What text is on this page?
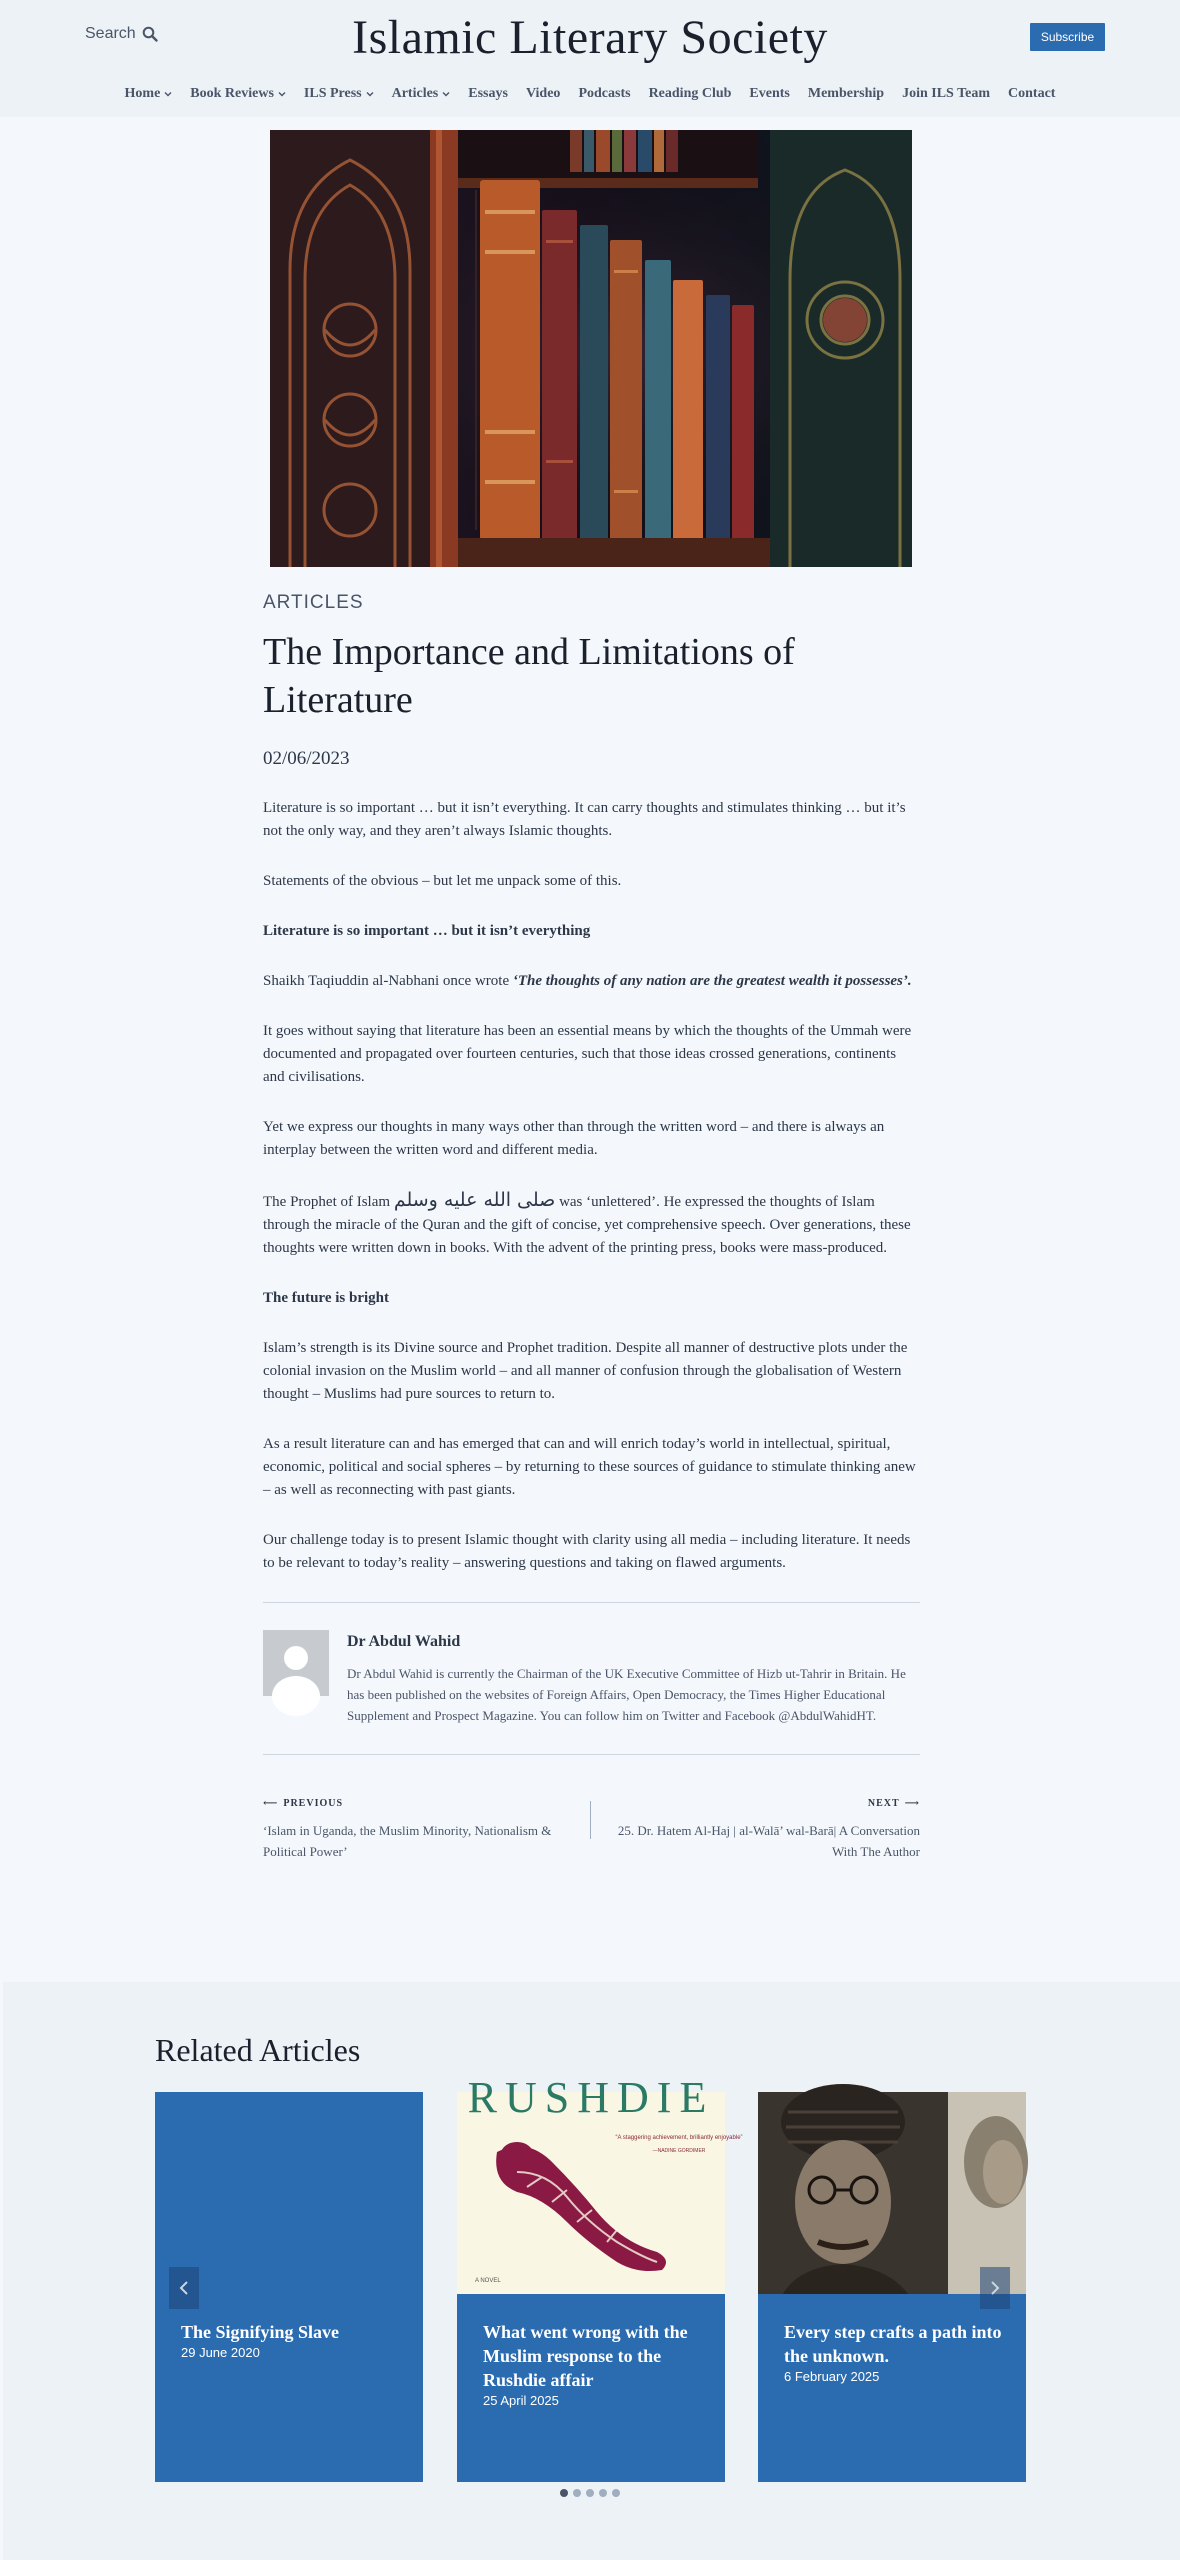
Search	Islamic Literary Society	Subscribe
Home Book Reviews ILS Press Articles Essays Video Podcasts Reading Club Events Membership Join ILS Team Contact
ARTICLES
The Importance and Limitations of Literature
02/06/2023

Literature is so important … but it isn’t everything. It can carry thoughts and stimulates thinking … but it’s not the only way, and they aren’t always Islamic thoughts.

Statements of the obvious – but let me unpack some of this.

Literature is so important … but it isn’t everything

Shaikh Taqiuddin al-Nabhani once wrote ‘The thoughts of any nation are the greatest wealth it possesses’.

It goes without saying that literature has been an essential means by which the thoughts of the Ummah were documented and propagated over fourteen centuries, such that those ideas crossed generations, continents and civilisations.

Yet we express our thoughts in many ways other than through the written word – and there is always an interplay between the written word and different media.

The Prophet of Islam صلى الله عليه وسلم was ‘unlettered’. He expressed the thoughts of Islam through the miracle of the Quran and the gift of concise, yet comprehensive speech. Over generations, these thoughts were written down in books. With the advent of the printing press, books were mass-produced.

The future is bright

Islam’s strength is its Divine source and Prophet tradition. Despite all manner of destructive plots under the colonial invasion on the Muslim world – and all manner of confusion through the globalisation of Western thought – Muslims had pure sources to return to.

As a result literature can and has emerged that can and will enrich today’s world in intellectual, spiritual, economic, political and social spheres – by returning to these sources of guidance to stimulate thinking anew – as well as reconnecting with past giants.

Our challenge today is to present Islamic thought with clarity using all media – including literature. It needs to be relevant to today’s reality – answering questions and taking on flawed arguments.

Dr Abdul Wahid
Dr Abdul Wahid is currently the Chairman of the UK Executive Committee of Hizb ut-Tahrir in Britain. He has been published on the websites of Foreign Affairs, Open Democracy, the Times Higher Educational Supplement and Prospect Magazine. You can follow him on Twitter and Facebook @AbdulWahidHT.
⟵ PREVIOUS
‘Islam in Uganda, the Muslim Minority, Nationalism & Political Power’
NEXT ⟶
25. Dr. Hatem Al-Haj | al-Walā’ wal-Barā| A Conversation With The Author
Related Articles
The Signifying Slave
29 June 2020
RUSHDIE
“A staggering achievement, brilliantly enjoyable”
—NADINE GORDIMER
A NOVEL
What went wrong with the Muslim response to the Rushdie affair
25 April 2025
Every step crafts a path into the unknown.
6 February 2025
